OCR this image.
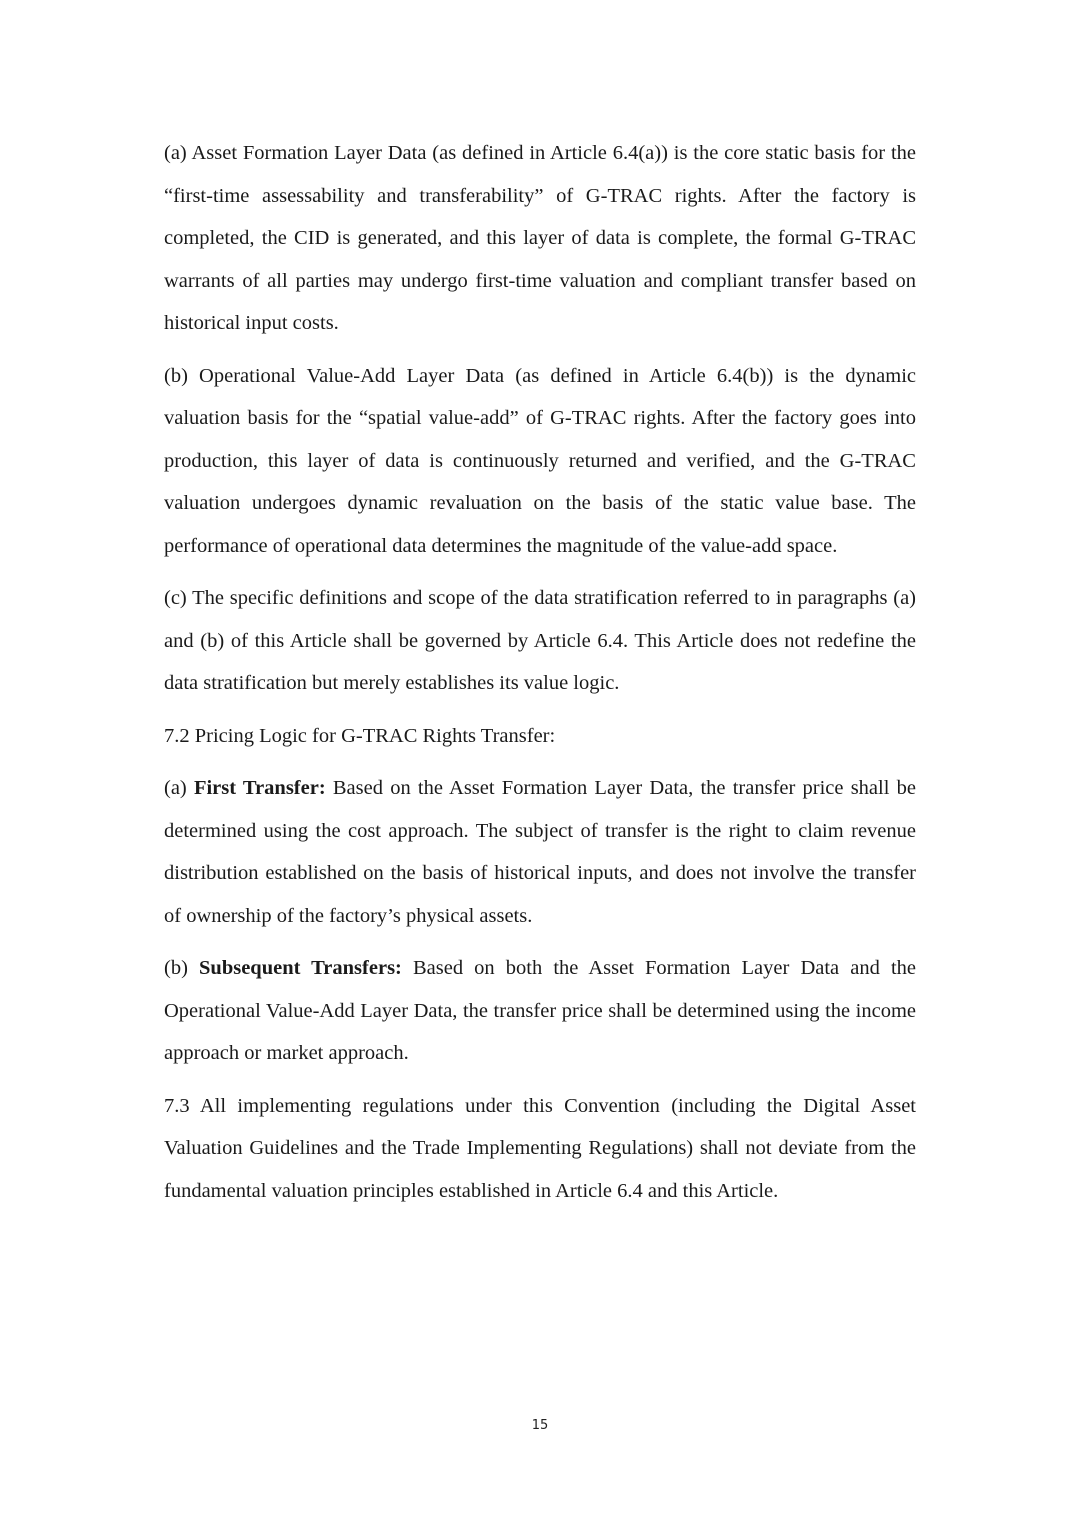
(a) Asset Formation Layer Data (as defined in Article 6.4(a)) is the core static basis for the “first-time assessability and transferability” of G-TRAC rights. After the factory is completed, the CID is generated, and this layer of data is complete, the formal G-TRAC warrants of all parties may undergo first-time valuation and compliant transfer based on historical input costs.

(b) Operational Value-Add Layer Data (as defined in Article 6.4(b)) is the dynamic valuation basis for the “spatial value-add” of G-TRAC rights. After the factory goes into production, this layer of data is continuously returned and verified, and the G-TRAC valuation undergoes dynamic revaluation on the basis of the static value base. The performance of operational data determines the magnitude of the value-add space.

(c) The specific definitions and scope of the data stratification referred to in paragraphs (a) and (b) of this Article shall be governed by Article 6.4. This Article does not redefine the data stratification but merely establishes its value logic.

7.2 Pricing Logic for G-TRAC Rights Transfer:

(a) First Transfer: Based on the Asset Formation Layer Data, the transfer price shall be determined using the cost approach. The subject of transfer is the right to claim revenue distribution established on the basis of historical inputs, and does not involve the transfer of ownership of the factory’s physical assets.

(b) Subsequent Transfers: Based on both the Asset Formation Layer Data and the Operational Value-Add Layer Data, the transfer price shall be determined using the income approach or market approach.

7.3 All implementing regulations under this Convention (including the Digital Asset Valuation Guidelines and the Trade Implementing Regulations) shall not deviate from the fundamental valuation principles established in Article 6.4 and this Article.

15
